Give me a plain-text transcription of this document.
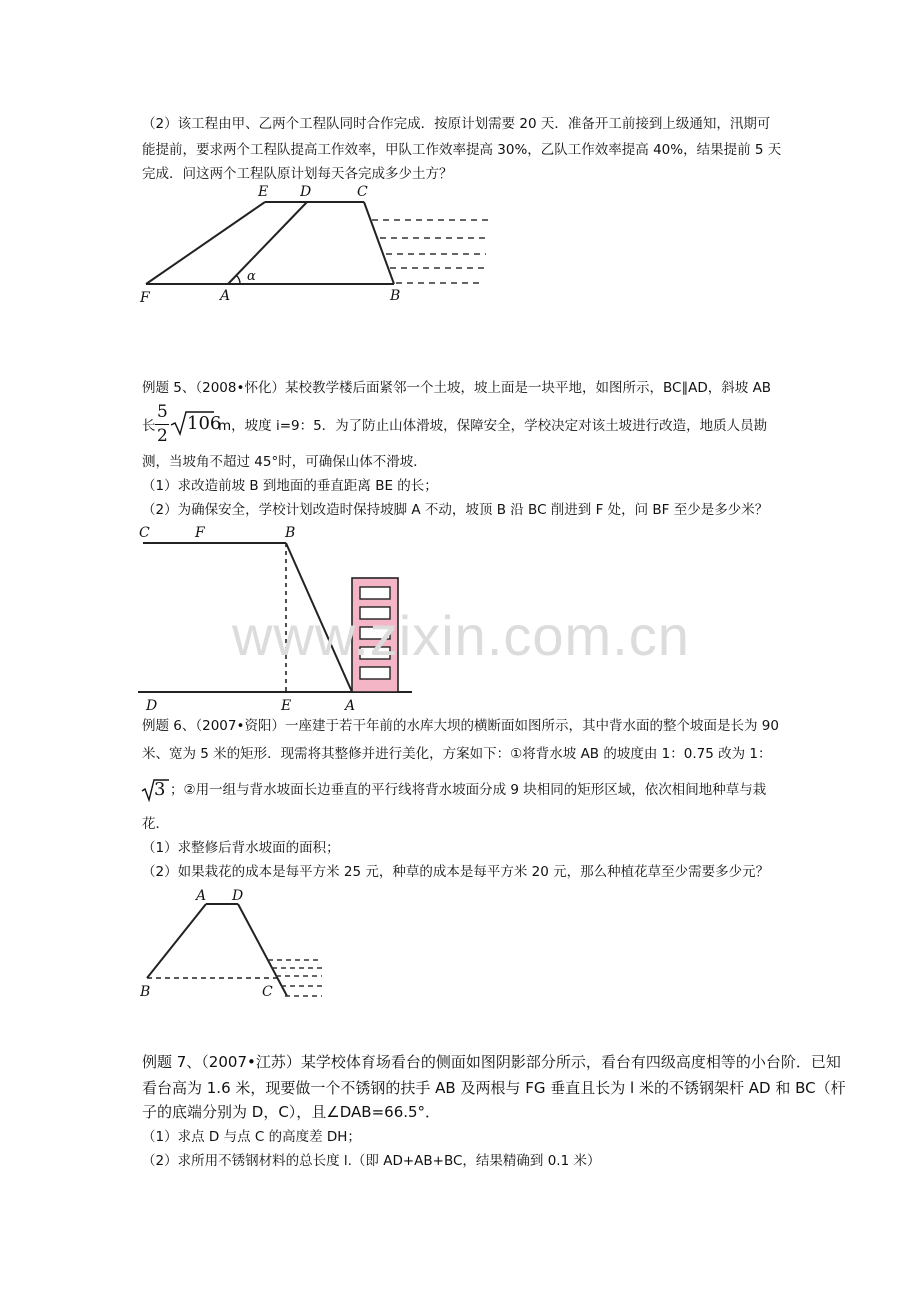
（2）该工程由甲、乙两个工程队同时合作完成．按原计划需要 20 天．准备开工前接到上级通知，汛期可
能提前，要求两个工程队提高工作效率，甲队工作效率提高 30%，乙队工作效率提高 40%，结果提前 5 天
完成．问这两个工程队原计划每天各完成多少土方？
E D	C
F	A	B
α
例题 5、（2008•怀化）某校教学楼后面紧邻一个土坡，坡上面是一块平地，如图所示，BC∥AD，斜坡 AB
长
5
2
106
m，坡度 i=9：5．为了防止山体滑坡，保障安全，学校决定对该土坡进行改造，地质人员勘
测，当坡角不超过 45°时，可确保山体不滑坡．
（1）求改造前坡 B 到地面的垂直距离 BE 的长；
（2）为确保安全，学校计划改造时保持坡脚 A 不动，坡顶 B 沿 BC 削进到 F 处，问 BF 至少是多少米？
C	F	B
D	E	A
www.zixin.com.cn
例题 6、（2007•资阳）一座建于若干年前的水库大坝的横断面如图所示，其中背水面的整个坡面是长为 90
米、宽为 5 米的矩形．现需将其整修并进行美化，方案如下：①将背水坡 AB 的坡度由 1：0.75 改为 1：
3 ；②用一组与背水坡面长边垂直的平行线将背水坡面分成 9 块相同的矩形区域，依次相间地种草与栽
花．
（1）求整修后背水坡面的面积；
（2）如果栽花的成本是每平方米 25 元，种草的成本是每平方米 20 元，那么种植花草至少需要多少元？
A D
B	C
例题 7、（2007•江苏）某学校体育场看台的侧面如图阴影部分所示，看台有四级高度相等的小台阶．已知
看台高为 1.6 米，现要做一个不锈钢的扶手 AB 及两根与 FG 垂直且长为 l 米的不锈钢架杆 AD 和 BC（杆
子的底端分别为 D，C），且∠DAB=66.5°．
（1）求点 D 与点 C 的高度差 DH；
（2）求所用不锈钢材料的总长度 l.（即 AD+AB+BC，结果精确到 0.1 米）
